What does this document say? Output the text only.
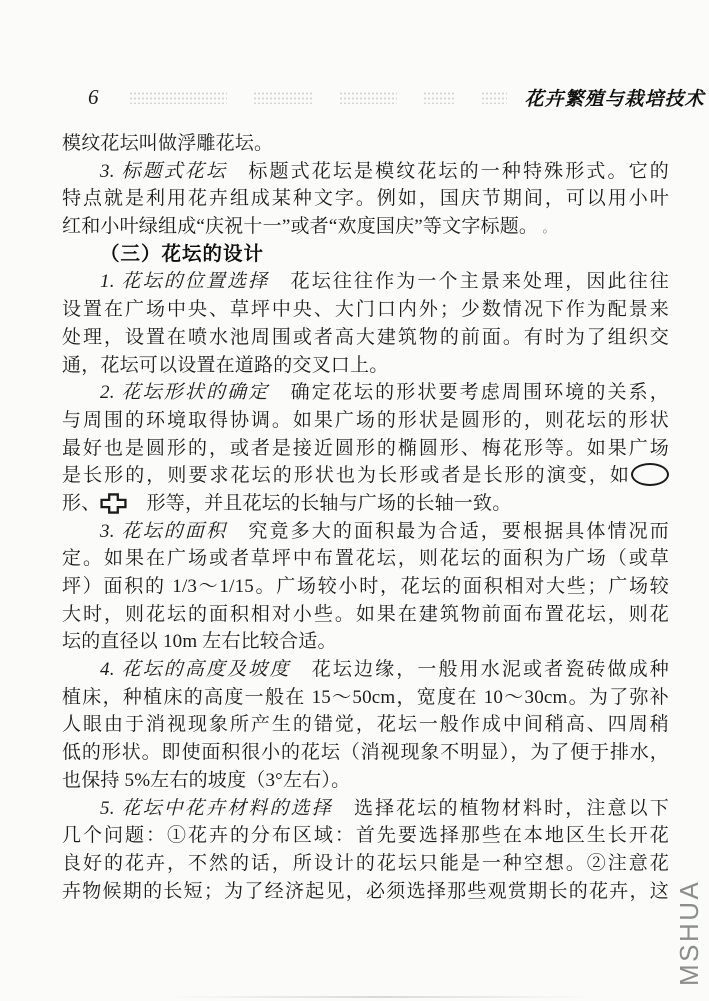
6	花卉繁殖与栽培技术
模纹花坛叫做浮雕花坛。
3. 标题式花坛　标题式花坛是模纹花坛的一种特殊形式。它的
特点就是利用花卉组成某种文字。例如，国庆节期间，可以用小叶
红和小叶绿组成“庆祝十一”或者“欢度国庆”等文字标题。 。
（三）花坛的设计
1. 花坛的位置选择　花坛往往作为一个主景来处理，因此往往
设置在广场中央、草坪中央、大门口内外；少数情况下作为配景来
处理，设置在喷水池周围或者高大建筑物的前面。有时为了组织交
通，花坛可以设置在道路的交叉口上。
2. 花坛形状的确定　确定花坛的形状要考虑周围环境的关系，
与周围的环境取得协调。如果广场的形状是圆形的，则花坛的形状
最好也是圆形的，或者是接近圆形的椭圆形、梅花形等。如果广场
是长形的，则要求花坛的形状也为长形或者是长形的演变，如
形、
　形等，并且花坛的长轴与广场的长轴一致。
3. 花坛的面积　究竟多大的面积最为合适，要根据具体情况而
定。如果在广场或者草坪中布置花坛，则花坛的面积为广场（或草
坪）面积的 1/3～1/15。广场较小时，花坛的面积相对大些；广场较
大时，则花坛的面积相对小些。如果在建筑物前面布置花坛，则花
坛的直径以 10m 左右比较合适。
4. 花坛的高度及坡度　花坛边缘，一般用水泥或者瓷砖做成种
植床，种植床的高度一般在 15～50cm，宽度在 10～30cm。为了弥补
人眼由于消视现象所产生的错觉，花坛一般作成中间稍高、四周稍
低的形状。即使面积很小的花坛（消视现象不明显），为了便于排水，
也保持 5%左右的坡度（3°左右）。
5. 花坛中花卉材料的选择　选择花坛的植物材料时，注意以下
几个问题：①花卉的分布区域：首先要选择那些在本地区生长开花
良好的花卉，不然的话，所设计的花坛只能是一种空想。②注意花
卉物候期的长短；为了经济起见，必须选择那些观赏期长的花卉，这 MSHUA
